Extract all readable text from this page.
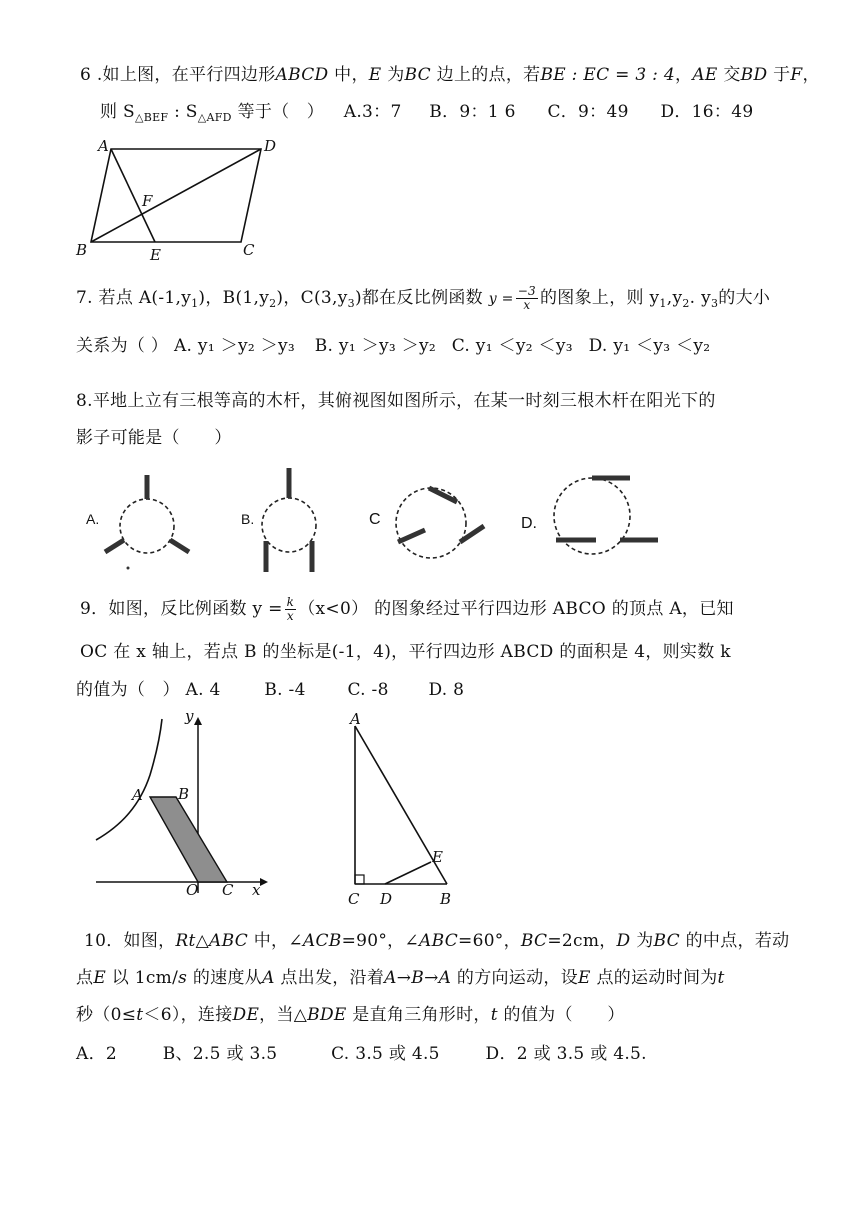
6 .如上图，在平行四边形ABCD 中，E 为BC 边上的点，若BE : EC = 3 : 4，AE 交BD 于F，
则 $S_{\triangle BEF}$ : $S_{\triangle AFD}$ 等于（　） A.3：7 B．9：1 6 C．9：49 D．16：49
A	D
F
B	E	C
7. 若点 $A(-1,y_1)$，$B(1,y_2)$，$C(3,y_3)$都在反比例函数 $y = \frac{-3}{x}$ 的图象上，则 $y_1,y_2$. $y_3$的大小
关系为（ ） A. y₁ ＞y₂ ＞y₃ B. y₁ ＞y₃ ＞y₂ C. y₁ ＜y₂ ＜y₃ D. y₁ ＜y₃ ＜y₂
8.平地上立有三根等高的木杆，其俯视图如图所示，在某一时刻三根木杆在阳光下的
影子可能是（　　）
A.	B.	C	D.
9．如图，反比例函数 $y = \frac{k}{x} (x<0)$ 的图象经过平行四边形 ABCO 的顶点 A，已知
OC 在 x 轴上，若点 B 的坐标是(-1，4)，平行四边形 ABCD 的面积是 4，则实数 k
的值为（　） A. 4	B. -4 C. -8 D. 8
y
x
A B
O C
A
E
C D	B
10．如图，Rt△ABC 中，∠ACB=90°，∠ABC=60°，BC=2cm，D 为BC 的中点，若动
点E 以 1cm/s 的速度从A 点出发，沿着A→B→A 的方向运动，设E 点的运动时间为t
秒（0≤t＜6），连接DE，当△BDE 是直角三角形时，t 的值为（　　）
A．2	B、2.5 或 3.5	C. 3.5 或 4.5	D．2 或 3.5 或 4.5.
